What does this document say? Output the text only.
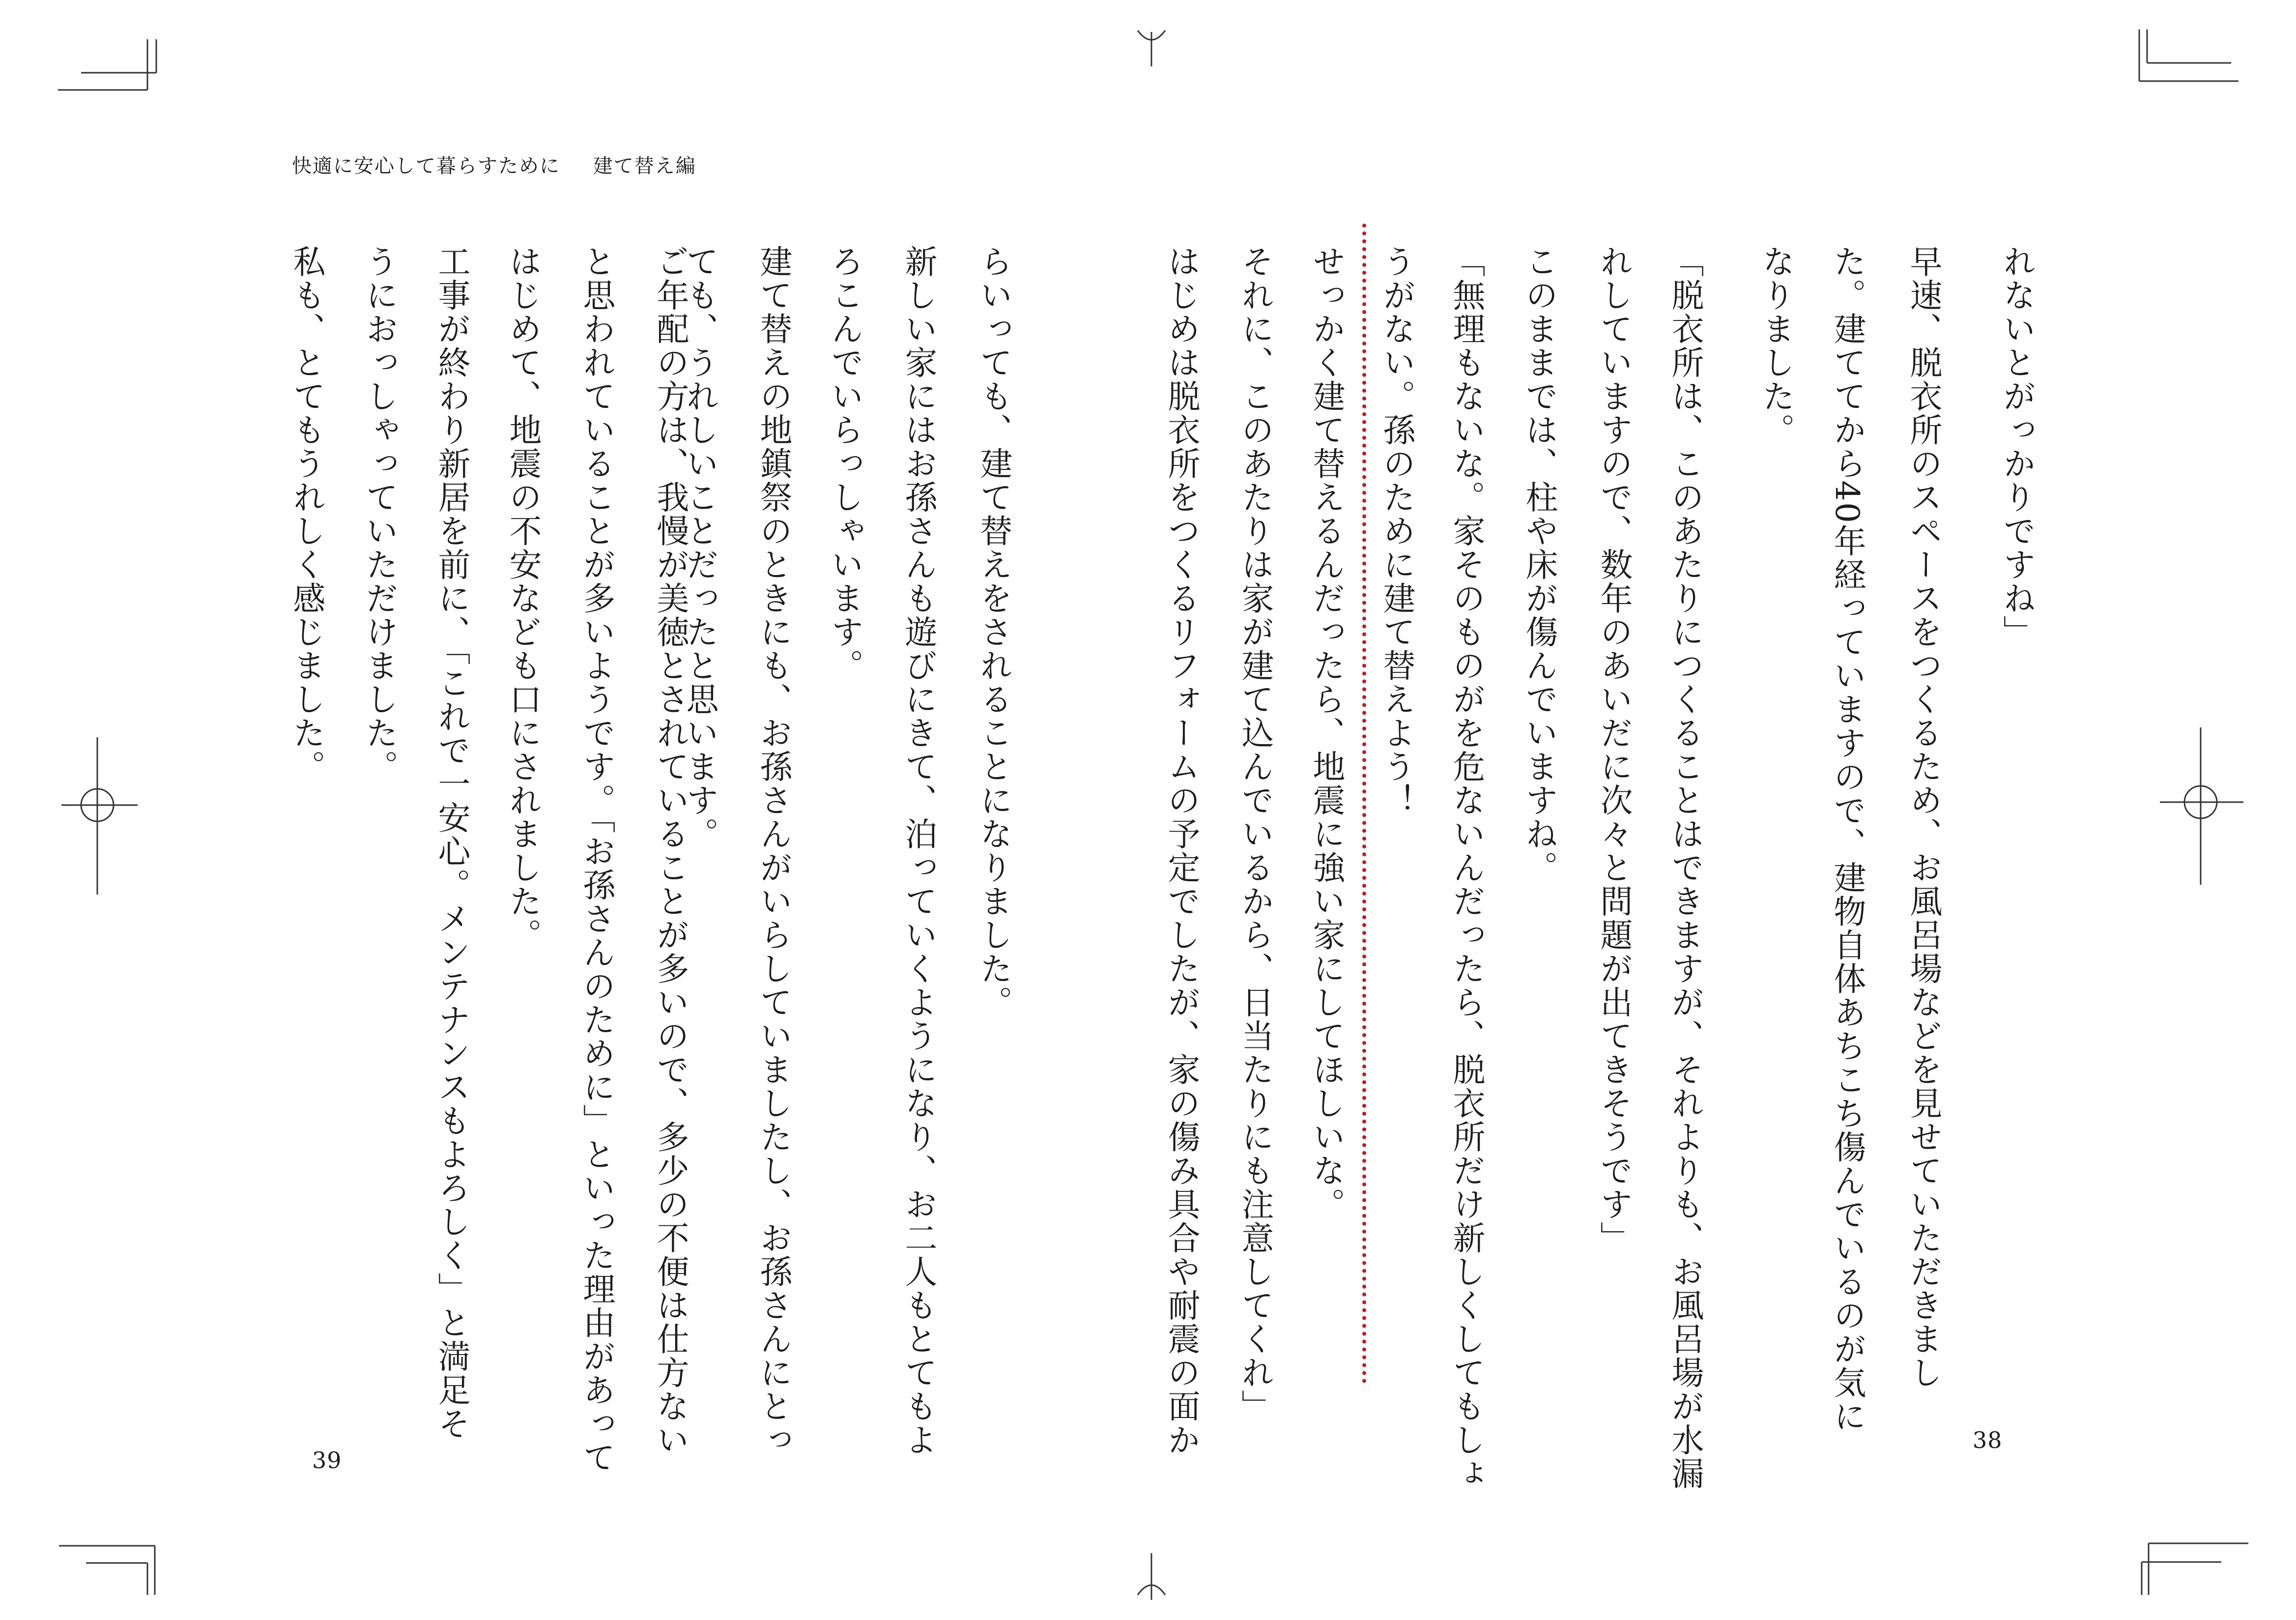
快適に安心して暮らすために 建て替え編
れないとがっかりですね」
早速、脱衣所のスペースをつくるため、お風呂場などを見せていただきまし
た。建ててから40年経っていますので、建物自体あちこち傷んでいるのが気に
なりました。
「脱衣所は、このあたりにつくることはできますが、それよりも、お風呂場が水漏
れしていますので、数年のあいだに次々と問題が出てきそうです」
このままでは、柱や床が傷んでいますね。
「無理もないな。家そのものがを危ないんだったら、脱衣所だけ新しくしてもしょ
うがない。孫のために建て替えよう！
せっかく建て替えるんだったら、地震に強い家にしてほしいな。
それに、このあたりは家が建て込んでいるから、日当たりにも注意してくれ」
はじめは脱衣所をつくるリフォームの予定でしたが、家の傷み具合や耐震の面か
らいっても、建て替えをされることになりました。
新しい家にはお孫さんも遊びにきて、泊っていくようになり、お二人もとてもよ
ろこんでいらっしゃいます。
建て替えの地鎮祭のときにも、お孫さんがいらしていましたし、お孫さんにとっ
ても、うれしいことだったと思います。
ご年配の方は、我慢が美徳とされていることが多いので、多少の不便は仕方ない
と思われていることが多いようです。「お孫さんのために」といった理由があって
はじめて、地震の不安なども口にされました。
工事が終わり新居を前に、「これで一安心。メンテナンスもよろしく」と満足そ
うにおっしゃっていただけました。
私も、とてもうれしく感じました。
39
38
